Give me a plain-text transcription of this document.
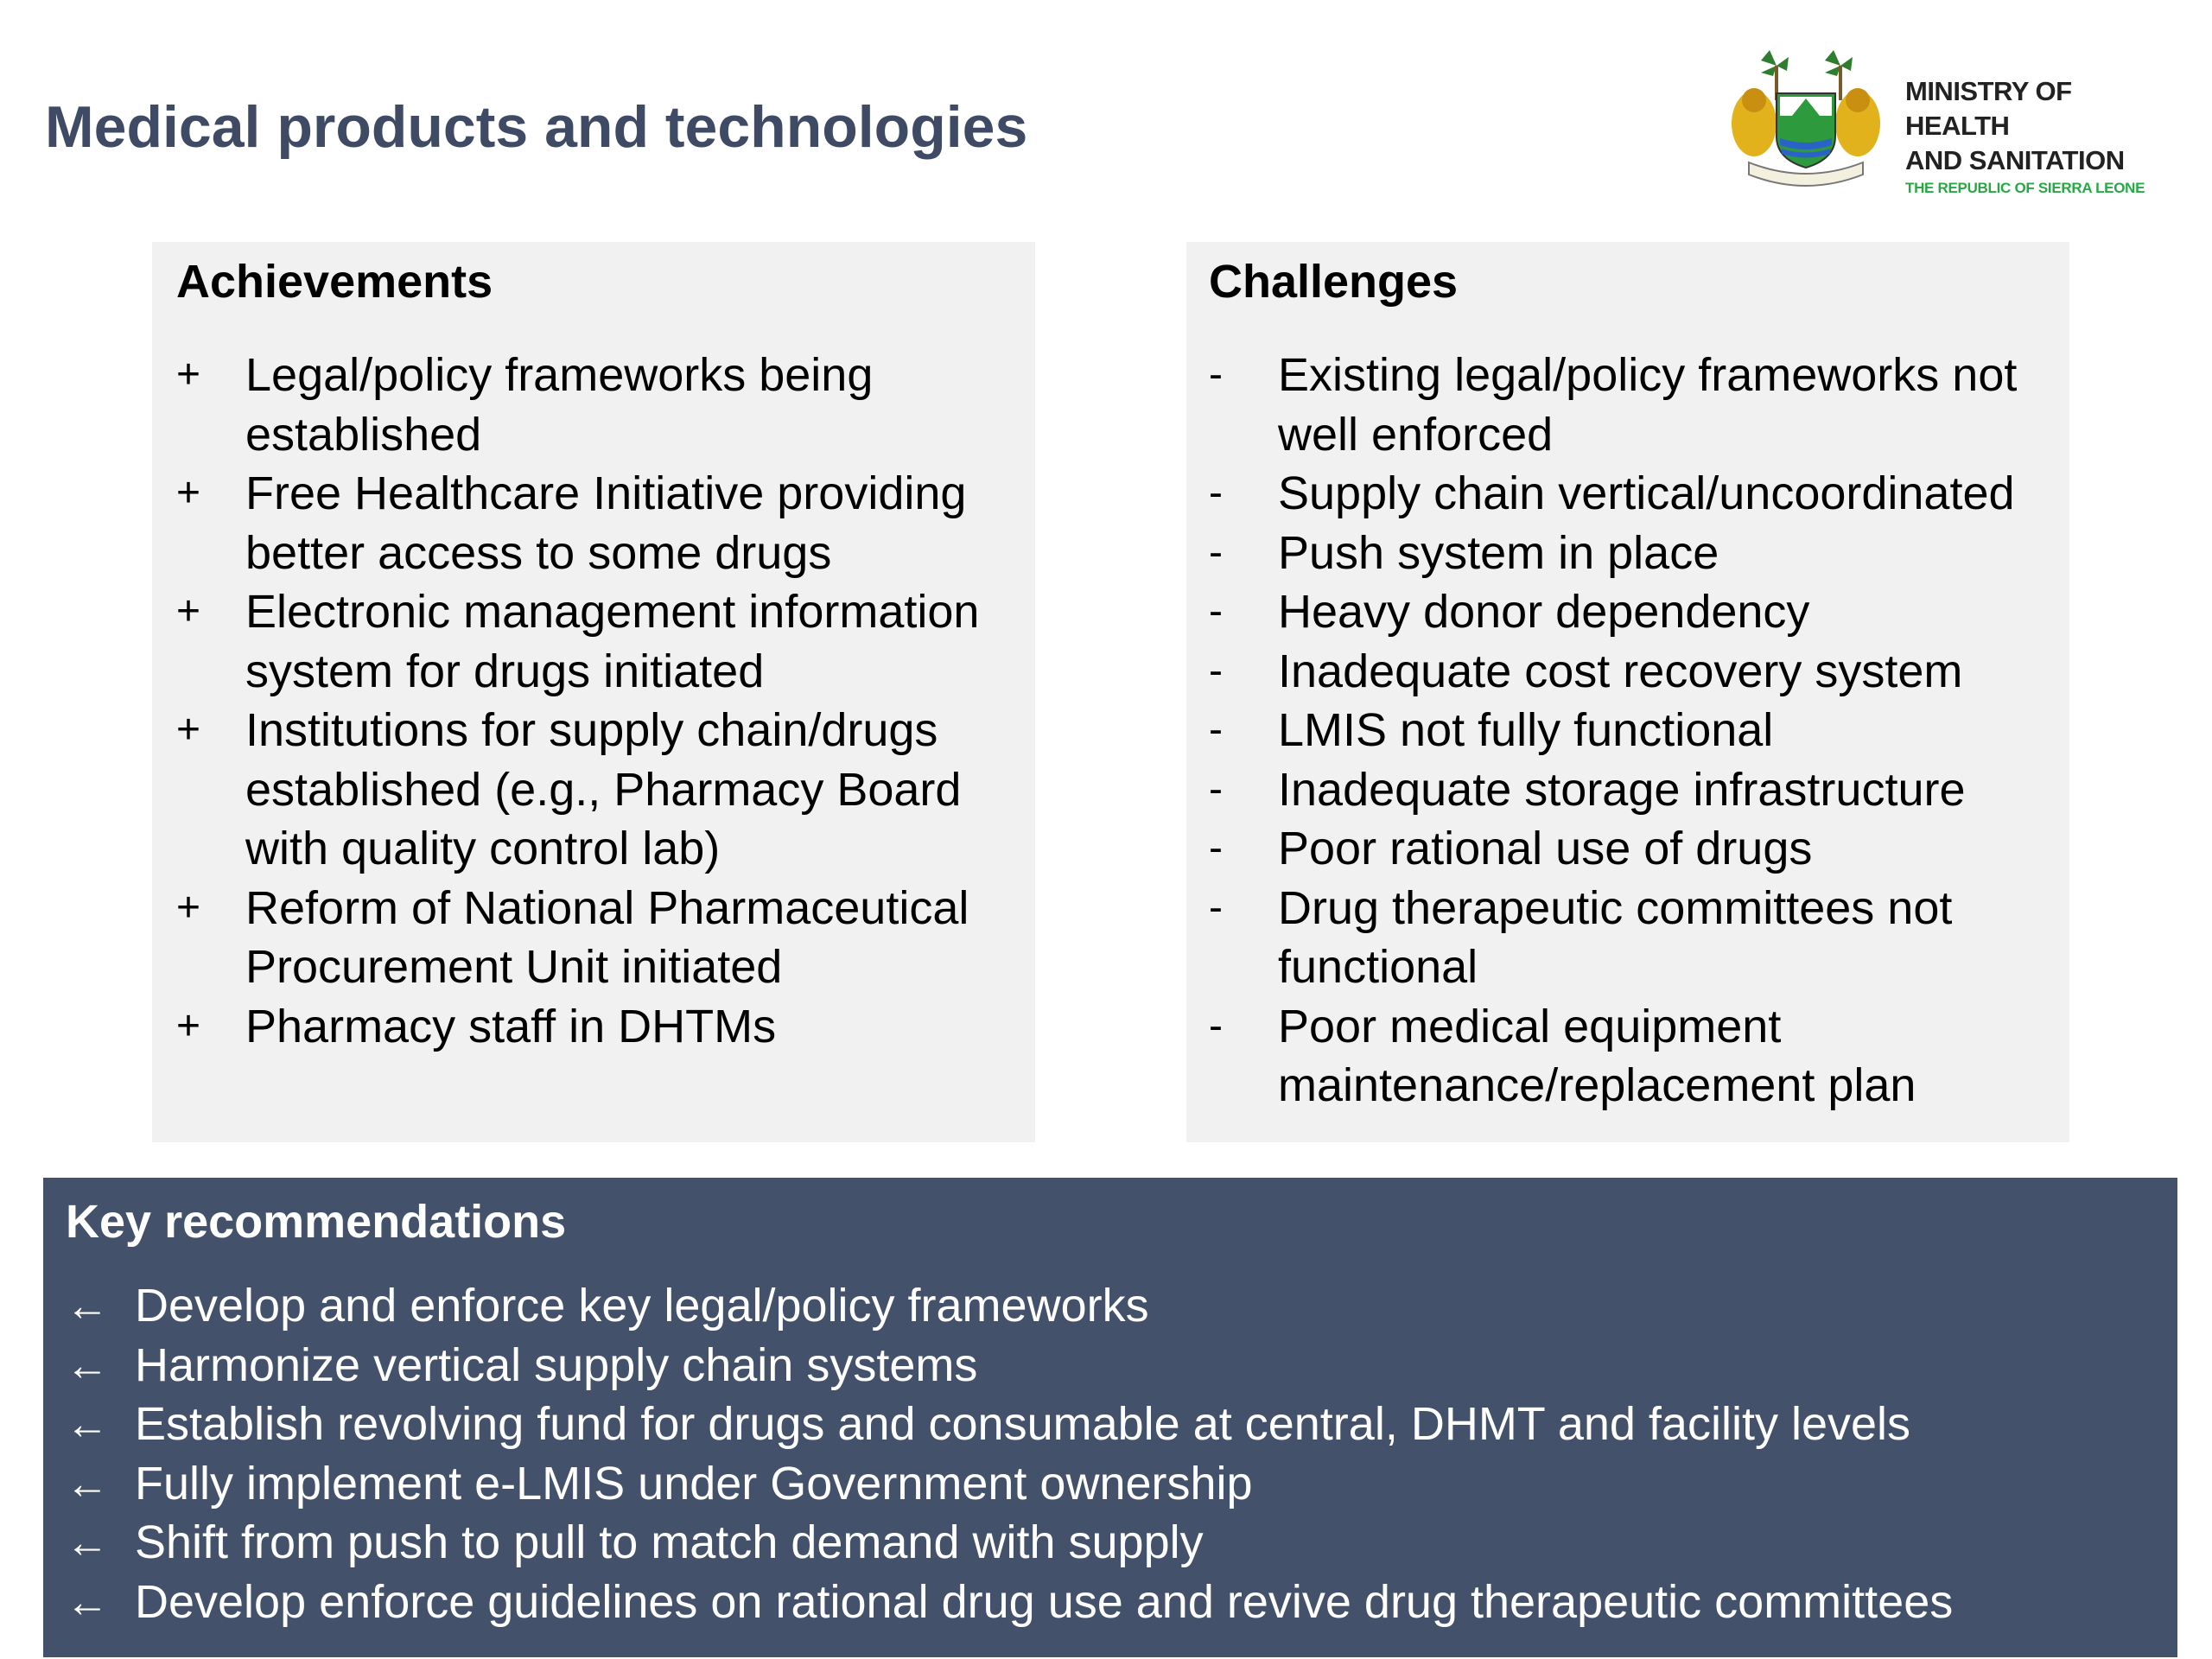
Medical products and technologies
MINISTRY OF HEALTH
AND SANITATION
THE REPUBLIC OF SIERRA LEONE
Achievements
+ Legal/policy frameworks being established
+ Free Healthcare Initiative providing better access to some drugs
+ Electronic management information system for drugs initiated
+ Institutions for supply chain/drugs established (e.g., Pharmacy Board with quality control lab)
+ Reform of National Pharmaceutical Procurement Unit initiated
+ Pharmacy staff in DHTMs
Challenges
-	Existing legal/policy frameworks not well enforced
-	Supply chain vertical/uncoordinated
-	Push system in place
-	Heavy donor dependency
-	Inadequate cost recovery system
-	LMIS not fully functional
-	Inadequate storage infrastructure
-	Poor rational use of drugs
-	Drug therapeutic committees not functional
-	Poor medical equipment maintenance/replacement plan
Key recommendations
← Develop and enforce key legal/policy frameworks
← Harmonize vertical supply chain systems
← Establish revolving fund for drugs and consumable at central, DHMT and facility levels
← Fully implement e-LMIS under Government ownership
← Shift from push to pull to match demand with supply
← Develop enforce guidelines on rational drug use and revive drug therapeutic committees
